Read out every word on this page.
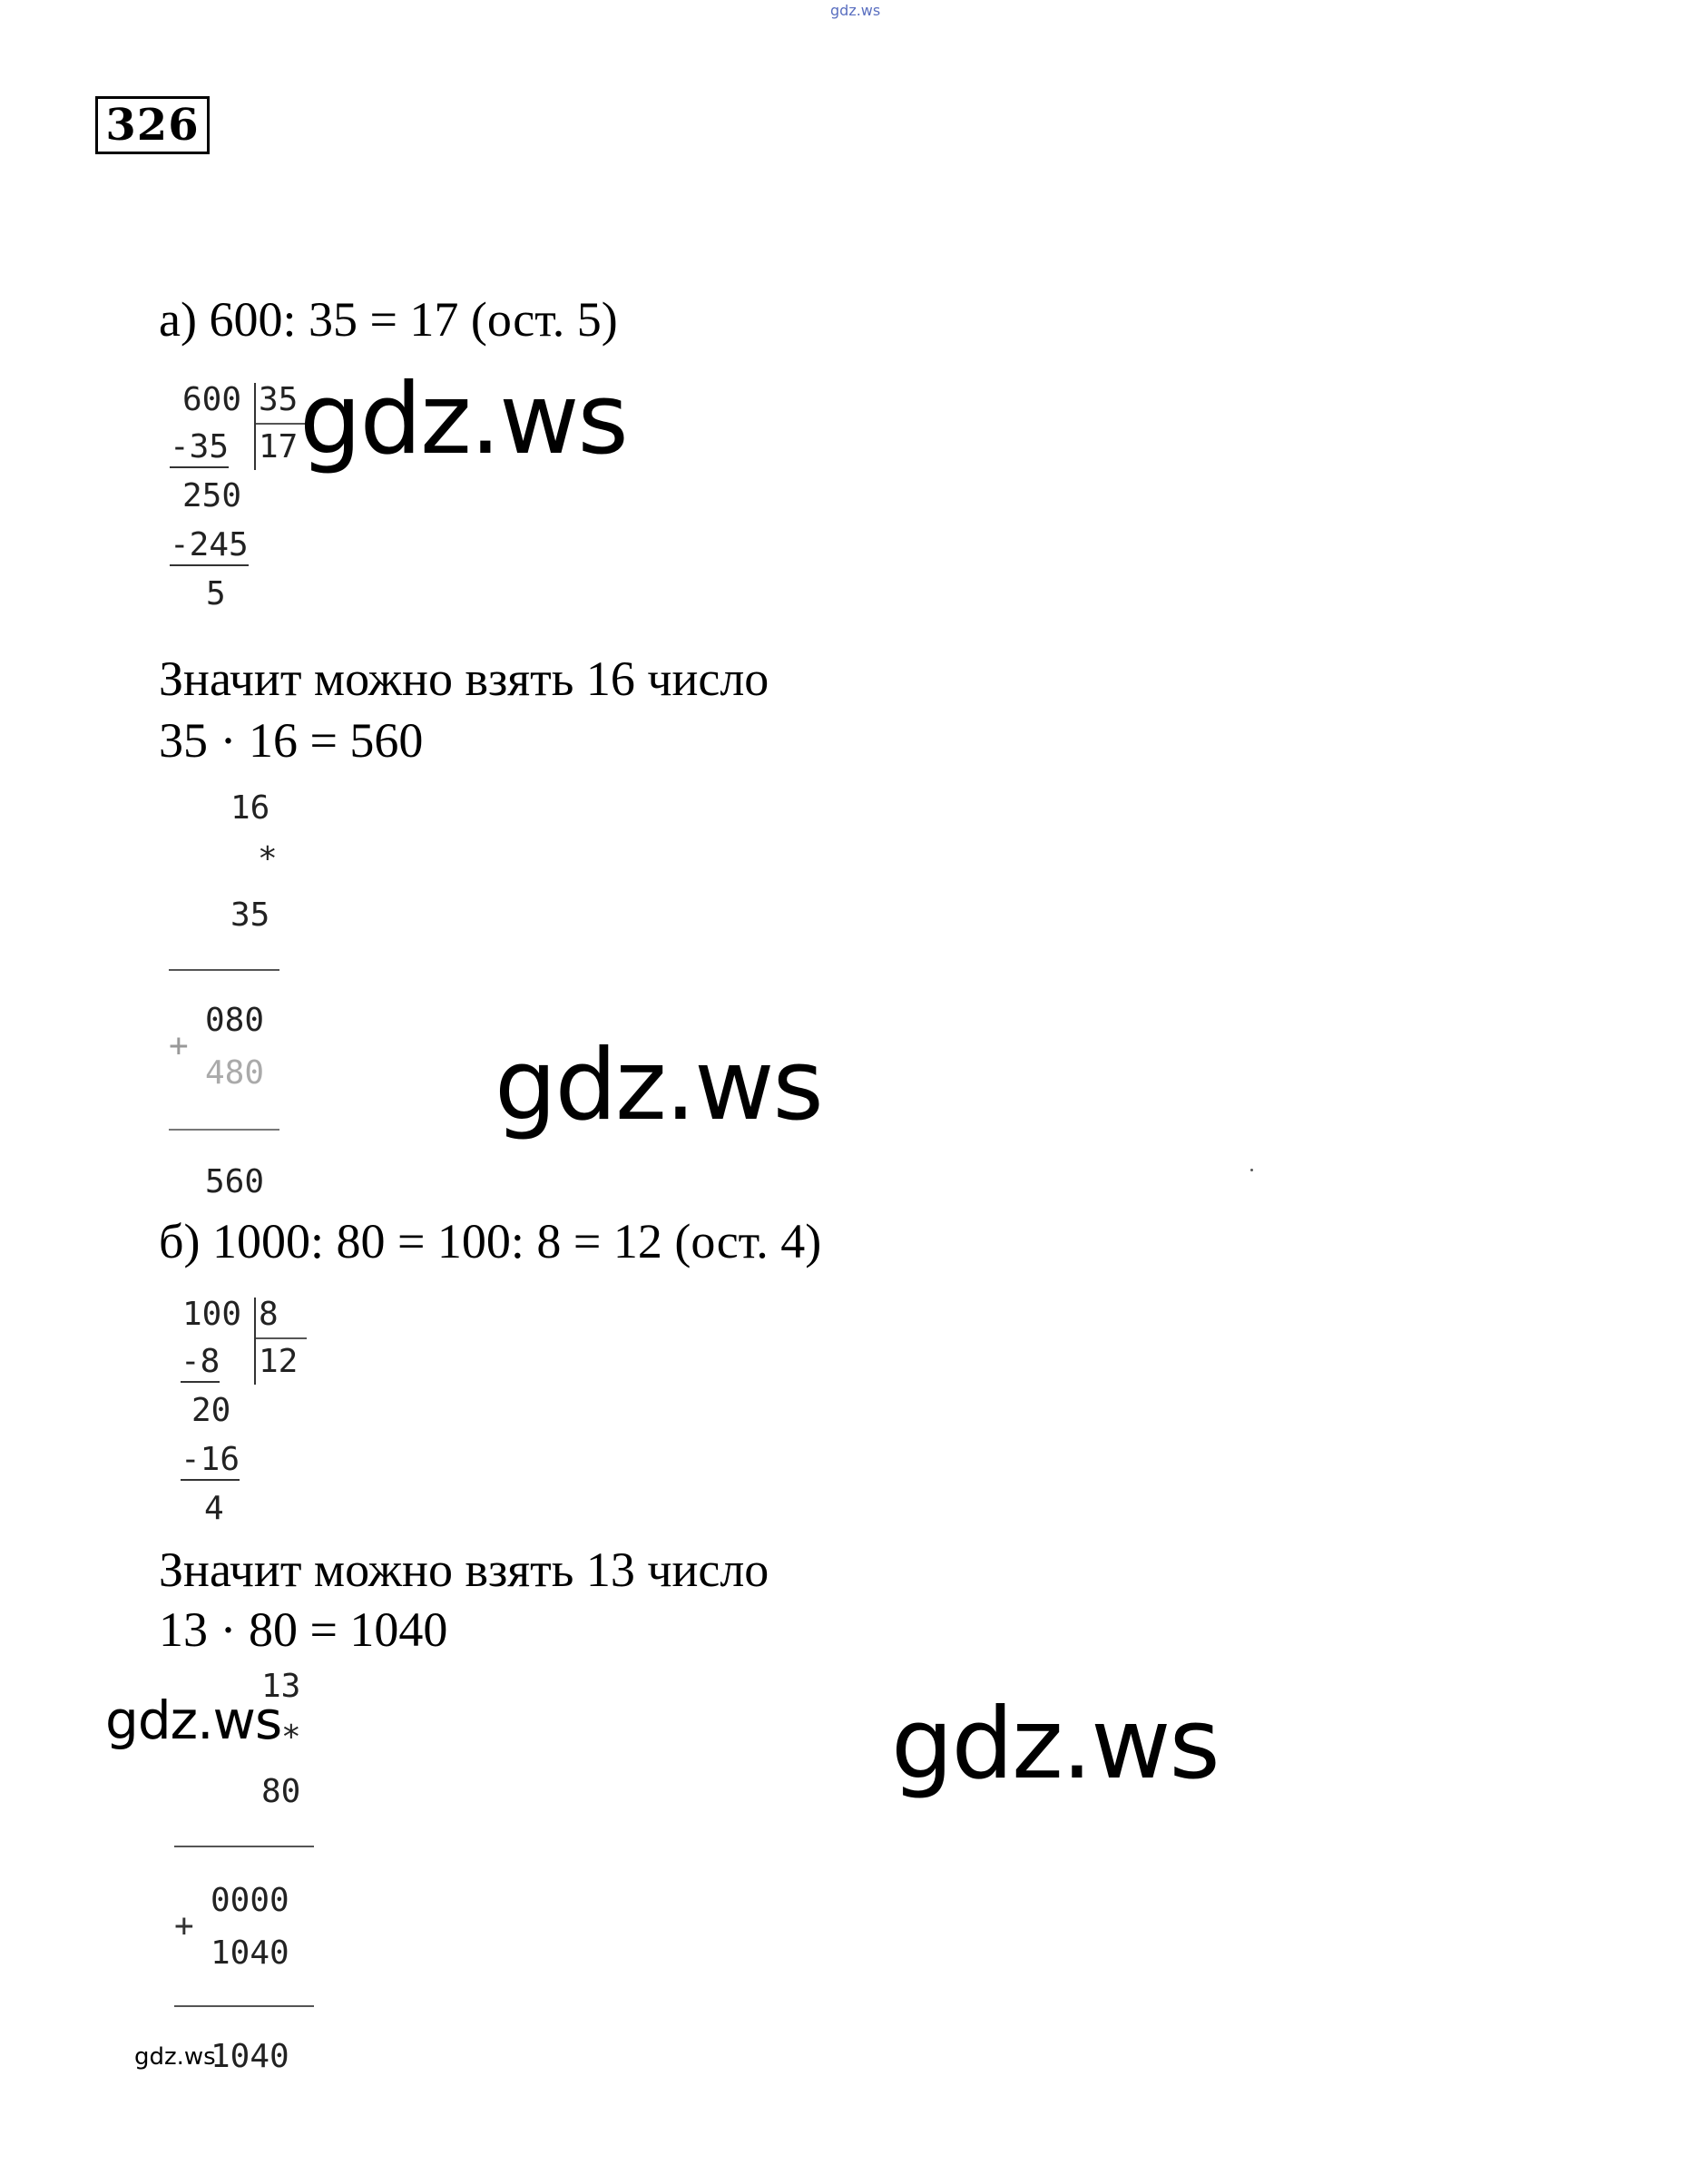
gdz.ws
326
а) 600: 35 = 17 (ост. 5)
600 35
17
-35
250
-245
5
gdz.ws
Значит можно взять 16 число
35 · 16 = 560
16
*
35
080
+
480
560
gdz.ws
б) 1000: 80 = 100: 8 = 12 (ост. 4)
100 8
12
-8
20
-16
4
Значит можно взять 13 число
13 · 80 = 1040
13
*
80
0000
+
1040
1040
gdz.ws	gdz.ws
gdz.ws
